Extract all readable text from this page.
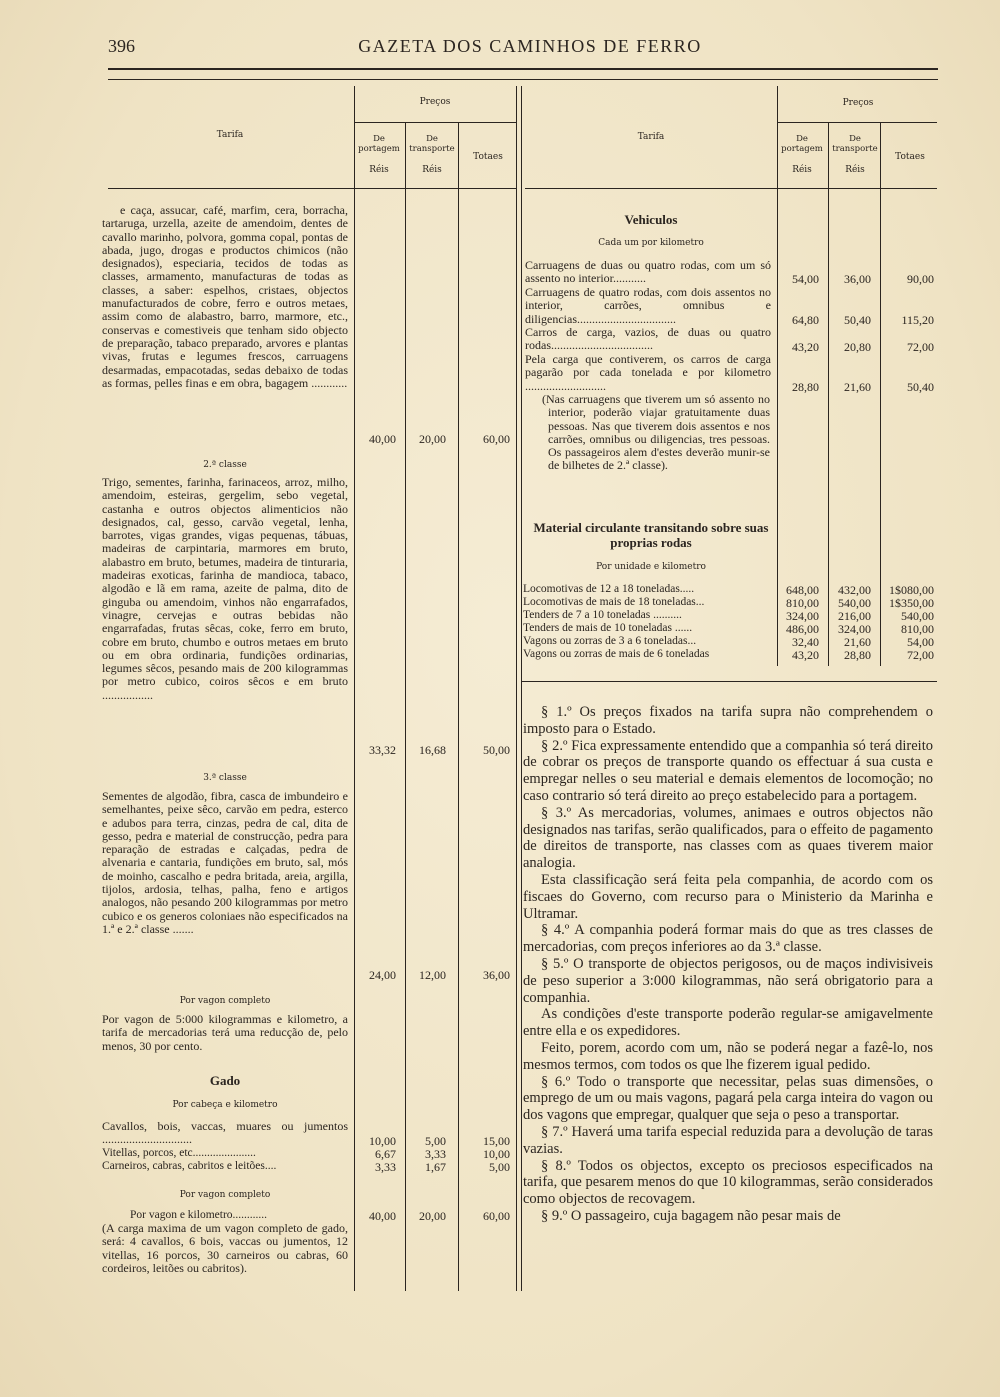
396	GAZETA DOS CAMINHOS DE FERRO
Tarifa
Preços
De portagem
De transporte
Réis	Réis
Totaes
e caça, assucar, café, marfim, cera, borracha, tartaruga, urzella, azeite de amendoim, dentes de cavallo marinho, polvora, gomma copal, pontas de abada, jugo, drogas e productos chimicos (não designados), especiaria, tecidos de todas as classes, armamento, manufacturas de todas as classes, a saber: espelhos, cristaes, objectos manufacturados de cobre, ferro e outros metaes, assim como de alabastro, barro, marmore, etc., conservas e comestiveis que tenham sido objecto de preparação, tabaco preparado, arvores e plantas vivas, frutas e legumes frescos, carruagens desarmadas, empacotadas, sedas debaixo de todas as formas, pelles finas e em obra, bagagem ............
40,00	20,00	60,00
2.ª classe
Trigo, sementes, farinha, farinaceos, arroz, milho, amendoim, esteiras, gergelim, sebo vegetal, castanha e outros objectos alimenticios não designados, cal, gesso, carvão vegetal, lenha, barrotes, vigas grandes, vigas pequenas, tábuas, madeiras de carpintaria, marmores em bruto, alabastro em bruto, betumes, madeira de tinturaria, madeiras exoticas, farinha de mandioca, tabaco, algodão e lã em rama, azeite de palma, dito de ginguba ou amendoim, vinhos não engarrafados, vinagre, cervejas e outras bebidas não engarrafadas, frutas sêcas, coke, ferro em bruto, cobre em bruto, chumbo e outros metaes em bruto ou em obra ordinaria, fundições ordinarias, legumes sêcos, pesando mais de 200 kilogrammas por metro cubico, coiros sêcos e em bruto .................
33,32	16,68	50,00
3.ª classe
Sementes de algodão, fibra, casca de imbundeiro e semelhantes, peixe sêco, carvão em pedra, esterco e adubos para terra, cinzas, pedra de cal, dita de gesso, pedra e material de construcção, pedra para reparação de estradas e calçadas, pedra de alvenaria e cantaria, fundições em bruto, sal, mós de moinho, cascalho e pedra britada, areia, argilla, tijolos, ardosia, telhas, palha, feno e artigos analogos, não pesando 200 kilogrammas por metro cubico e os generos coloniaes não especificados na 1.ª e 2.ª classe .......
24,00	12,00	36,00
Por vagon completo
Por vagon de 5:000 kilogrammas e kilometro, a tarifa de mercadorias terá uma reducção de, pelo menos, 30 por cento.
Gado
Por cabeça e kilometro
Cavallos, bois, vaccas, muares ou jumentos ..............................	10,00	5,00	15,00
Vitellas, porcos, etc......................	6,67	3,33	10,00
Carneiros, cabras, cabritos e leitões....	3,33	1,67	5,00
Por vagon completo
Por vagon e kilometro............	40,00	20,00	60,00
(A carga maxima de um vagon completo de gado, será: 4 cavallos, 6 bois, vaccas ou jumentos, 12 vitellas, 16 porcos, 30 carneiros ou cabras, 60 cordeiros, leitões ou cabritos).
Tarifa
Preços
De portagem
De transporte
Réis	Réis
Totaes
Vehiculos
Cada um por kilometro
Carruagens de duas ou quatro rodas, com um só assento no interior...........	54,00	36,00	90,00
Carruagens de quatro rodas, com dois assentos no interior, carrões, omnibus e diligencias.................................	64,80	50,40	115,20
Carros de carga, vazios, de duas ou quatro rodas..................................	43,20	20,80	72,00
Pela carga que contiverem, os carros de carga pagarão por cada tonelada e por kilometro ...........................	28,80	21,60	50,40
(Nas carruagens que tiverem um só assento no interior, poderão viajar gratuitamente duas pessoas. Nas que tiverem dois assentos e nos carrões, omnibus ou diligencias, tres pessoas. Os passageiros alem d'estes deverão munir-se de bilhetes de 2.ª classe).
Material circulante transitando sobre suas proprias rodas
Por unidade e kilometro
Locomotivas de 12 a 18 toneladas.....	648,00	432,00	1$080,00
Locomotivas de mais de 18 toneladas...	810,00	540,00	1$350,00
Tenders de 7 a 10 toneladas ..........	324,00	216,00	540,00
Tenders de mais de 10 toneladas ......	486,00	324,00	810,00
Vagons ou zorras de 3 a 6 toneladas...	32,40	21,60	54,00
Vagons ou zorras de mais de 6 toneladas	43,20	28,80	72,00

§ 1.º Os preços fixados na tarifa supra não comprehendem o imposto para o Estado.

§ 2.º Fica expressamente entendido que a companhia só terá direito de cobrar os preços de transporte quando os effectuar á sua custa e empregar nelles o seu material e demais elementos de locomoção; no caso contrario só terá direito ao preço estabelecido para a portagem.

§ 3.º As mercadorias, volumes, animaes e outros objectos não designados nas tarifas, serão qualificados, para o effeito de pagamento de direitos de transporte, nas classes com as quaes tiverem maior analogia.

Esta classificação será feita pela companhia, de acordo com os fiscaes do Governo, com recurso para o Ministerio da Marinha e Ultramar.

§ 4.º A companhia poderá formar mais do que as tres classes de mercadorias, com preços inferiores ao da 3.ª classe.

§ 5.º O transporte de objectos perigosos, ou de maços indivisiveis de peso superior a 3:000 kilogrammas, não será obrigatorio para a companhia.

As condições d'este transporte poderão regular-se amigavelmente entre ella e os expedidores.

Feito, porem, acordo com um, não se poderá negar a fazê-lo, nos mesmos termos, com todos os que lhe fizerem igual pedido.

§ 6.º Todo o transporte que necessitar, pelas suas dimensões, o emprego de um ou mais vagons, pagará pela carga inteira do vagon ou dos vagons que empregar, qualquer que seja o peso a transportar.

§ 7.º Haverá uma tarifa especial reduzida para a devolução de taras vazias.

§ 8.º Todos os objectos, excepto os preciosos especificados na tarifa, que pesarem menos do que 10 kilogrammas, serão considerados como objectos de recovagem.

§ 9.º O passageiro, cuja bagagem não pesar mais de
